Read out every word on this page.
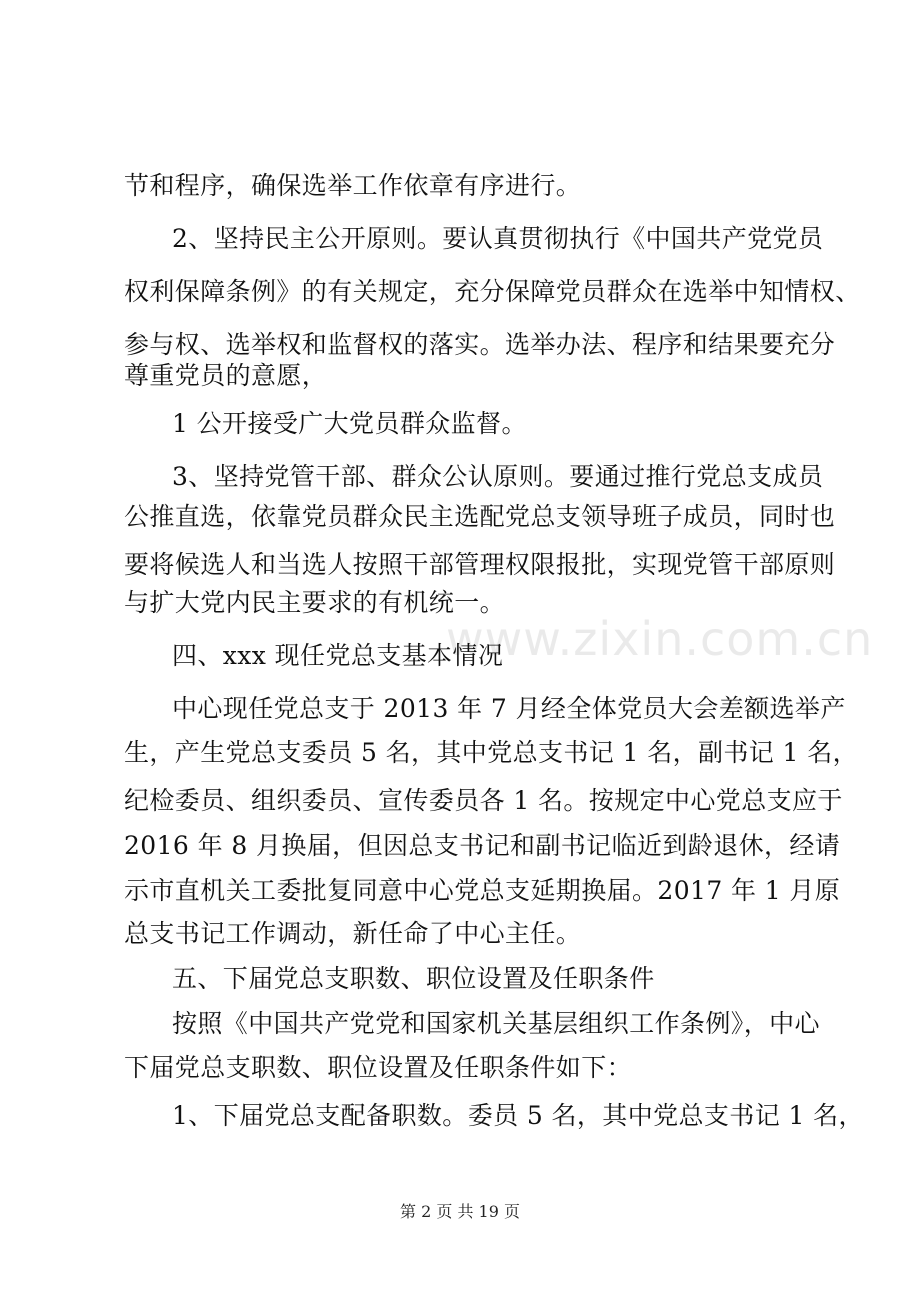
www.zixin.com.cn
节和程序，确保选举工作依章有序进行。
2、坚持民主公开原则。要认真贯彻执行《中国共产党党员
权利保障条例》的有关规定，充分保障党员群众在选举中知情权、
参与权、选举权和监督权的落实。选举办法、程序和结果要充分
尊重党员的意愿，
1 公开接受广大党员群众监督。
3、坚持党管干部、群众公认原则。要通过推行党总支成员
公推直选，依靠党员群众民主选配党总支领导班子成员，同时也
要将候选人和当选人按照干部管理权限报批，实现党管干部原则
与扩大党内民主要求的有机统一。
四、xxx 现任党总支基本情况
中心现任党总支于 2013 年 7 月经全体党员大会差额选举产
生，产生党总支委员 5 名，其中党总支书记 1 名，副书记 1 名，
纪检委员、组织委员、宣传委员各 1 名。按规定中心党总支应于
2016 年 8 月换届，但因总支书记和副书记临近到龄退休，经请
示市直机关工委批复同意中心党总支延期换届。2017 年 1 月原
总支书记工作调动，新任命了中心主任。
五、下届党总支职数、职位设置及任职条件
按照《中国共产党党和国家机关基层组织工作条例》，中心
下届党总支职数、职位设置及任职条件如下：
1、下届党总支配备职数。委员 5 名，其中党总支书记 1 名，
第 2 页 共 19 页
